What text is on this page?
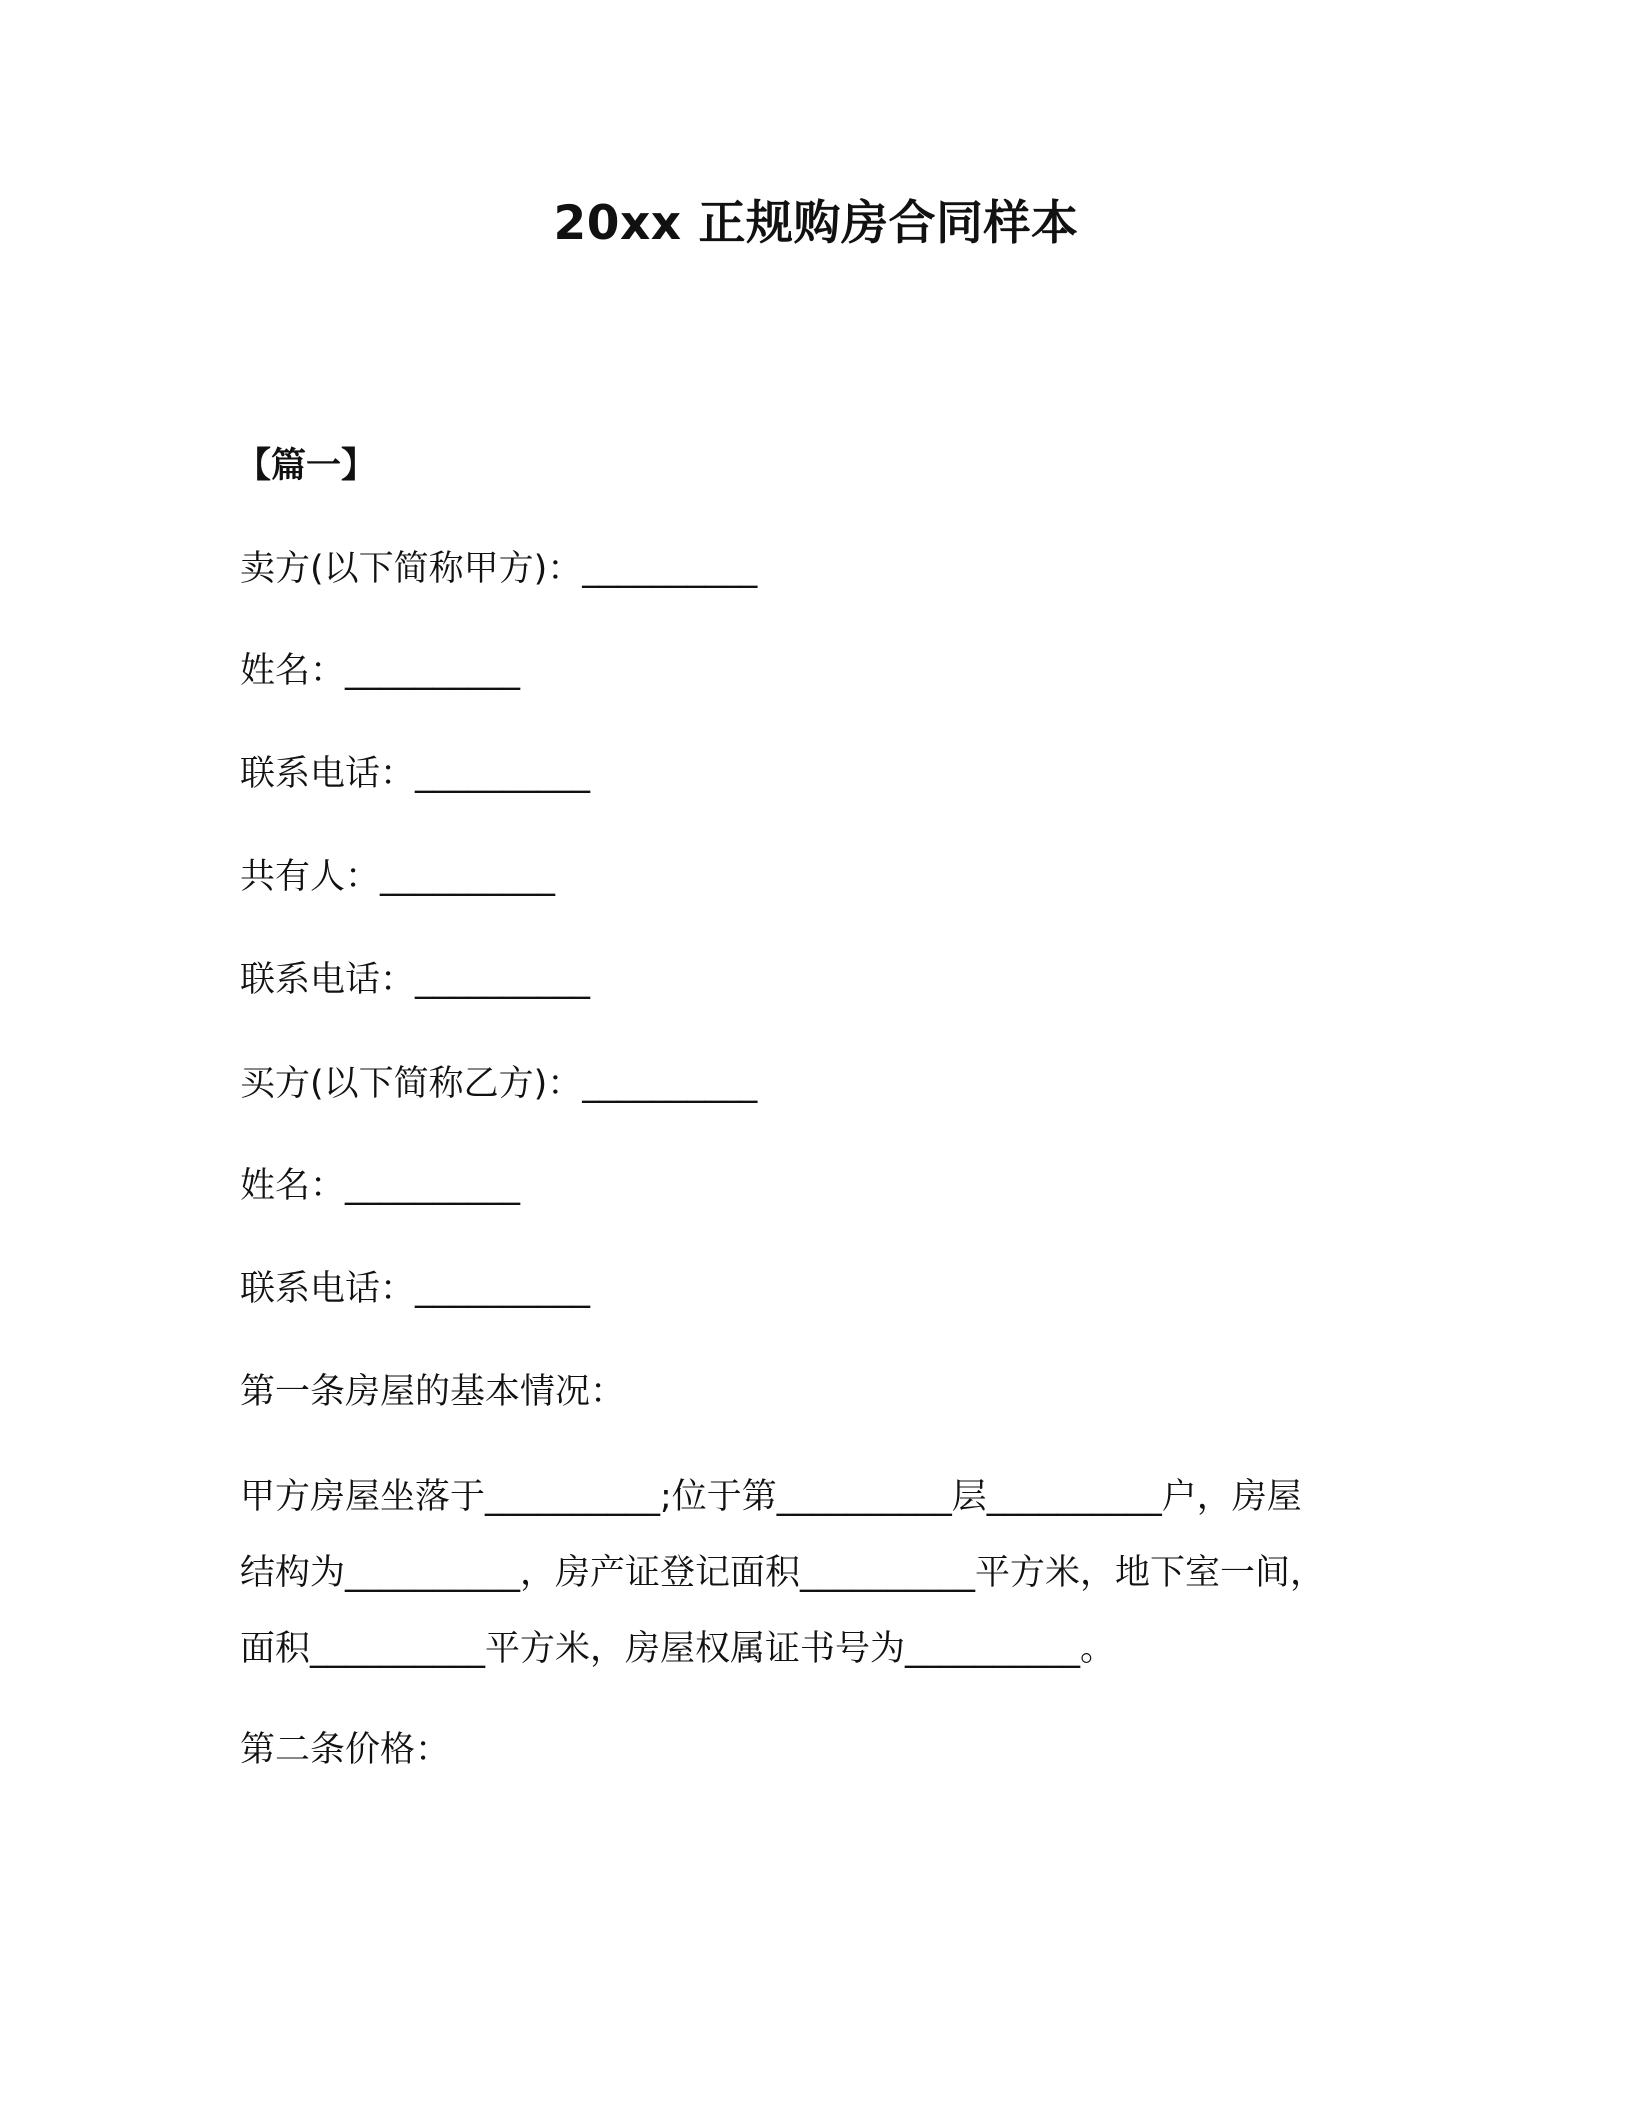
20xx 正规购房合同样本
【篇一】
卖方(以下简称甲方)：__________
姓名：__________
联系电话：__________
共有人：__________
联系电话：__________
买方(以下简称乙方)：__________
姓名：__________
联系电话：__________
第一条房屋的基本情况：
甲方房屋坐落于__________;位于第__________层__________户，房屋
结构为__________，房产证登记面积__________平方米，地下室一间，
面积__________平方米，房屋权属证书号为__________。
第二条价格：
